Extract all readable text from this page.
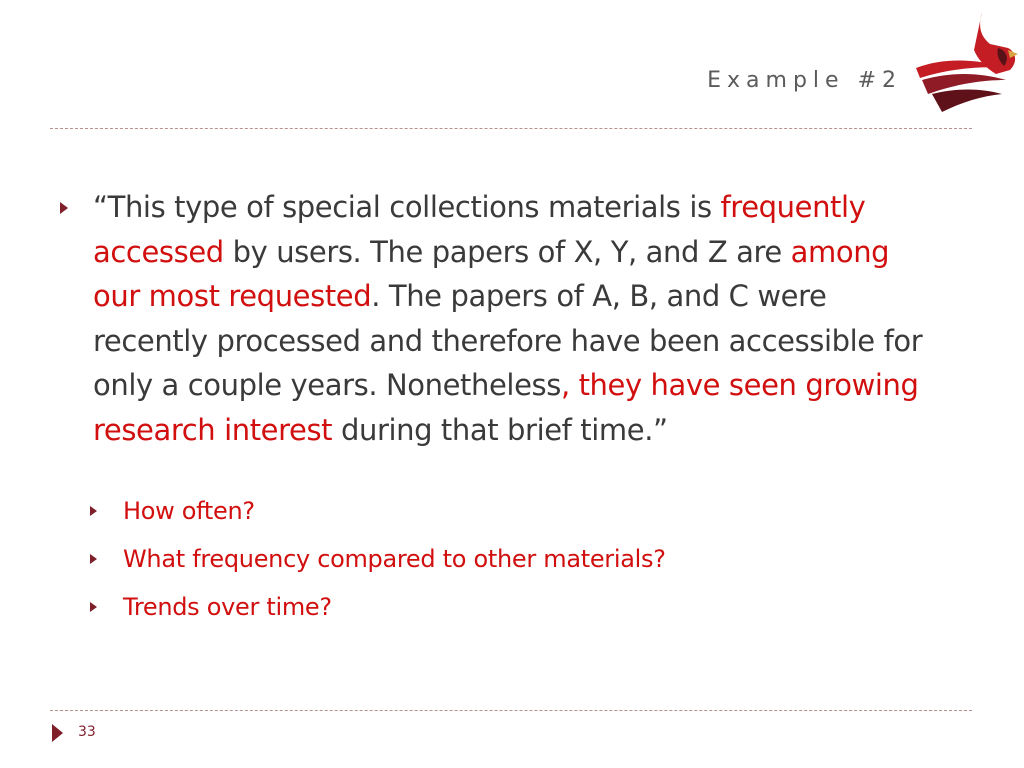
Example #2
“This type of special collections materials is frequently accessed by users. The papers of X, Y, and Z are among our most requested. The papers of A, B, and C were recently processed and therefore have been accessible for only a couple years. Nonetheless, they have seen growing research interest during that brief time.”
How often?
What frequency compared to other materials?
Trends over time?
33
